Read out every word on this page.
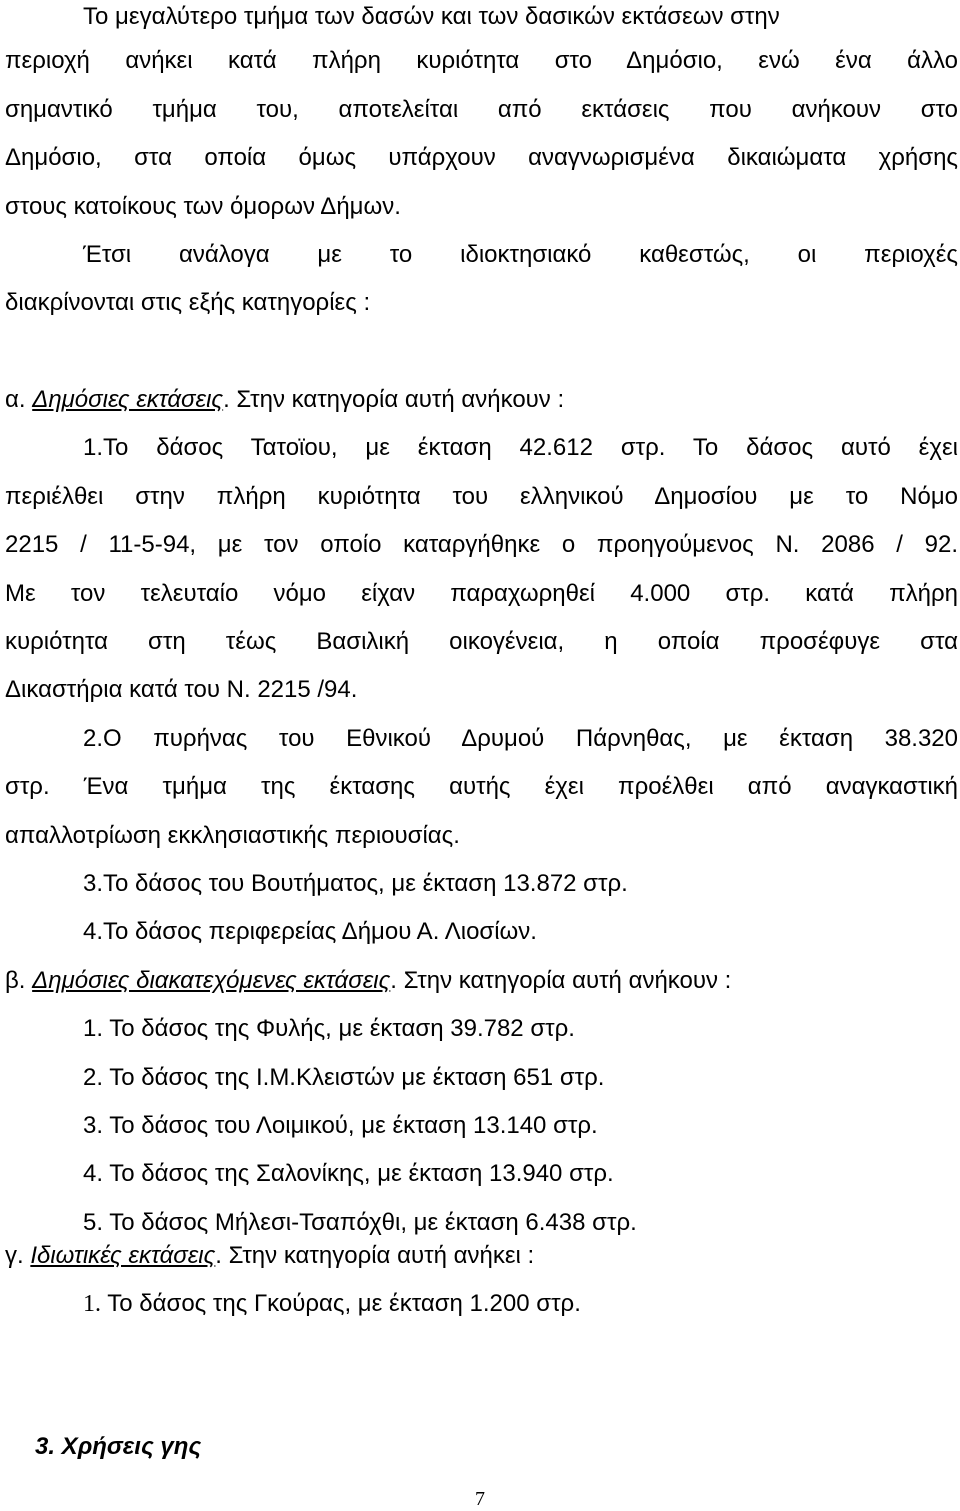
Το μεγαλύτερο τμήμα των δασών και των δασικών εκτάσεων στην
περιοχή ανήκει κατά πλήρη κυριότητα στο Δημόσιο, ενώ ένα άλλο
σημαντικό τμήμα του, αποτελείται από εκτάσεις που ανήκουν στο
Δημόσιο, στα οποία όμως υπάρχουν αναγνωρισμένα δικαιώματα χρήσης
στους κατοίκους των όμορων Δήμων.
Έτσι ανάλογα με το ιδιοκτησιακό καθεστώς, οι περιοχές
διακρίνονται στις εξής κατηγορίες :
α. Δημόσιες εκτάσεις. Στην κατηγορία αυτή ανήκουν :
1.Το δάσος Τατοϊου, με έκταση 42.612 στρ. Το δάσος αυτό έχει
περιέλθει στην πλήρη κυριότητα του ελληνικού Δημοσίου με το Νόμο
2215 / 11-5-94, με τον οποίο καταργήθηκε ο προηγούμενος Ν. 2086 / 92.
Με τον τελευταίο νόμο είχαν παραχωρηθεί 4.000 στρ. κατά πλήρη
κυριότητα στη τέως Βασιλική οικογένεια, η οποία προσέφυγε στα
Δικαστήρια κατά του Ν. 2215 /94.
2.Ο πυρήνας του Εθνικού Δρυμού Πάρνηθας, με έκταση 38.320
στρ. Ένα τμήμα της έκτασης αυτής έχει προέλθει από αναγκαστική
απαλλοτρίωση εκκλησιαστικής περιουσίας.
3.Το δάσος του Βουτήματος, με έκταση 13.872 στρ.
4.Το δάσος περιφερείας Δήμου Α. Λιοσίων.
β. Δημόσιες διακατεχόμενες εκτάσεις. Στην κατηγορία αυτή ανήκουν :
1. Το δάσος της Φυλής, με έκταση 39.782 στρ.
2. Το δάσος της Ι.Μ.Κλειστών με έκταση 651 στρ.
3. Το δάσος του Λοιμικού, με έκταση 13.140 στρ.
4. Το δάσος της Σαλονίκης, με έκταση 13.940 στρ.
5. Το δάσος Μήλεσι-Τσαπόχθι, με έκταση 6.438 στρ.
γ. Ιδιωτικές εκτάσεις. Στην κατηγορία αυτή ανήκει :
1. Το δάσος της Γκούρας, με έκταση 1.200 στρ.
3. Χρήσεις γης
7
